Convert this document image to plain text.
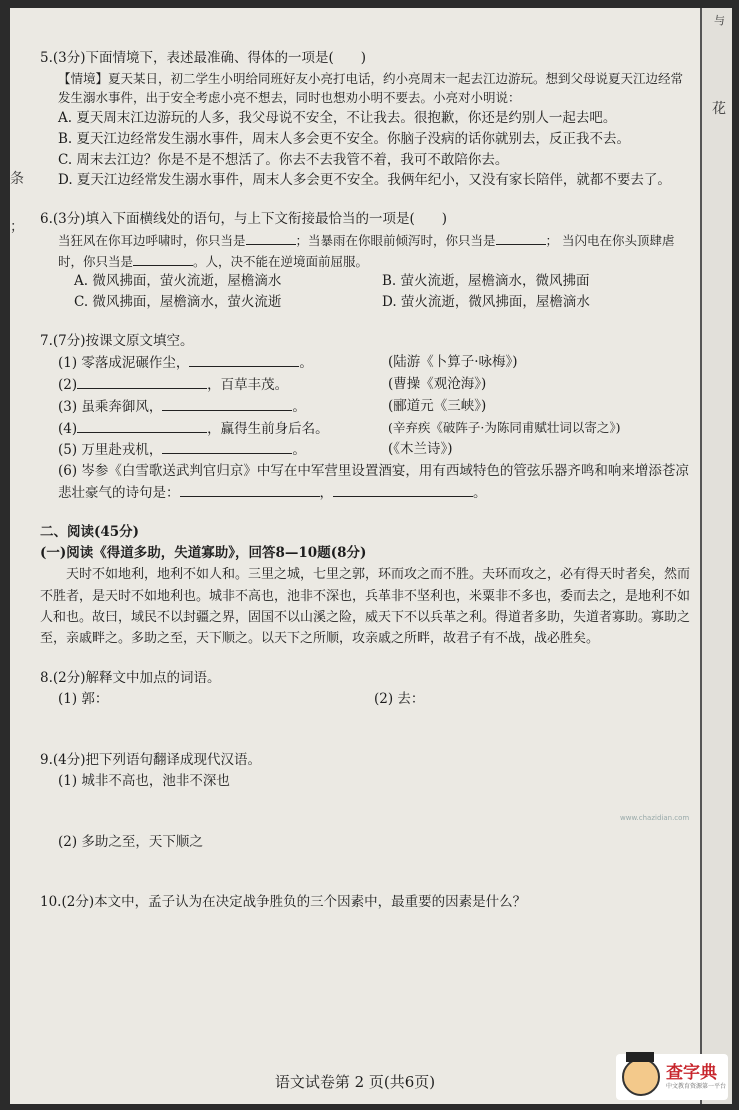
花
与
条
；

5.(3分)下面情境下，表述最准确、得体的一项是(　　)

【情境】夏天某日，初二学生小明给同班好友小亮打电话，约小亮周末一起去江边游玩。想到父母说夏天江边经常发生溺水事件，出于安全考虑小亮不想去，同时也想劝小明不要去。小亮对小明说：

A. 夏天周末江边游玩的人多，我父母说不安全，不让我去。很抱歉，你还是约别人一起去吧。

B. 夏天江边经常发生溺水事件，周末人多会更不安全。你脑子没病的话你就别去，反正我不去。

C. 周末去江边？你是不是不想活了。你去不去我管不着，我可不敢陪你去。

D. 夏天江边经常发生溺水事件，周末人多会更不安全。我俩年纪小，又没有家长陪伴，就都不要去了。

6.(3分)填入下面横线处的语句，与上下文衔接最恰当的一项是(　　)

当狂风在你耳边呼啸时，你只当是	；当暴雨在你眼前倾泻时，你只当是	； 当闪电在你头顶肆虐时，你只当是	。人，决不能在逆境面前屈服。

A. 微风拂面，萤火流逝，屋檐滴水	B. 萤火流逝，屋檐滴水，微风拂面
C. 微风拂面，屋檐滴水，萤火流逝	D. 萤火流逝，微风拂面，屋檐滴水

7.(7分)按课文原文填空。

(1) 零落成泥碾作尘，	。	(陆游《卜算子·咏梅》)
(2)	，百草丰茂。	(曹操《观沧海》)
(3) 虽乘奔御风，	。	(郦道元《三峡》)
(4)	，赢得生前身后名。	(辛弃疾《破阵子·为陈同甫赋壮词以寄之》)
(5) 万里赴戎机，	。	(《木兰诗》)

(6) 岑参《白雪歌送武判官归京》中写在中军营里设置酒宴，用有西域特色的管弦乐器齐鸣和响来增添苍凉悲壮豪气的诗句是：	，	。

二、阅读(45分)

(一)阅读《得道多助，失道寡助》，回答8—10题(8分)

天时不如地利，地利不如人和。三里之城，七里之郭，环而攻之而不胜。夫环而攻之，必有得天时者矣，然而不胜者，是天时不如地利也。城非不高也，池非不深也，兵革非不坚利也，米粟非不多也，委而去之，是地利不如人和也。故曰，域民不以封疆之界，固国不以山溪之险，威天下不以兵革之利。得道者多助，失道者寡助。寡助之至，亲戚畔之。多助之至，天下顺之。以天下之所顺，攻亲戚之所畔，故君子有不战，战必胜矣。

8.(2分)解释文中加点的词语。

(1) 郭：	(2) 去：

9.(4分)把下列语句翻译成现代汉语。

(1) 城非不高也，池非不深也

(2) 多助之至，天下顺之

10.(2分)本文中，孟子认为在决定战争胜负的三个因素中，最重要的因素是什么？

www.chazidian.com
语文试卷第 2 页(共6页)	查字典
中文教育资源第一平台
